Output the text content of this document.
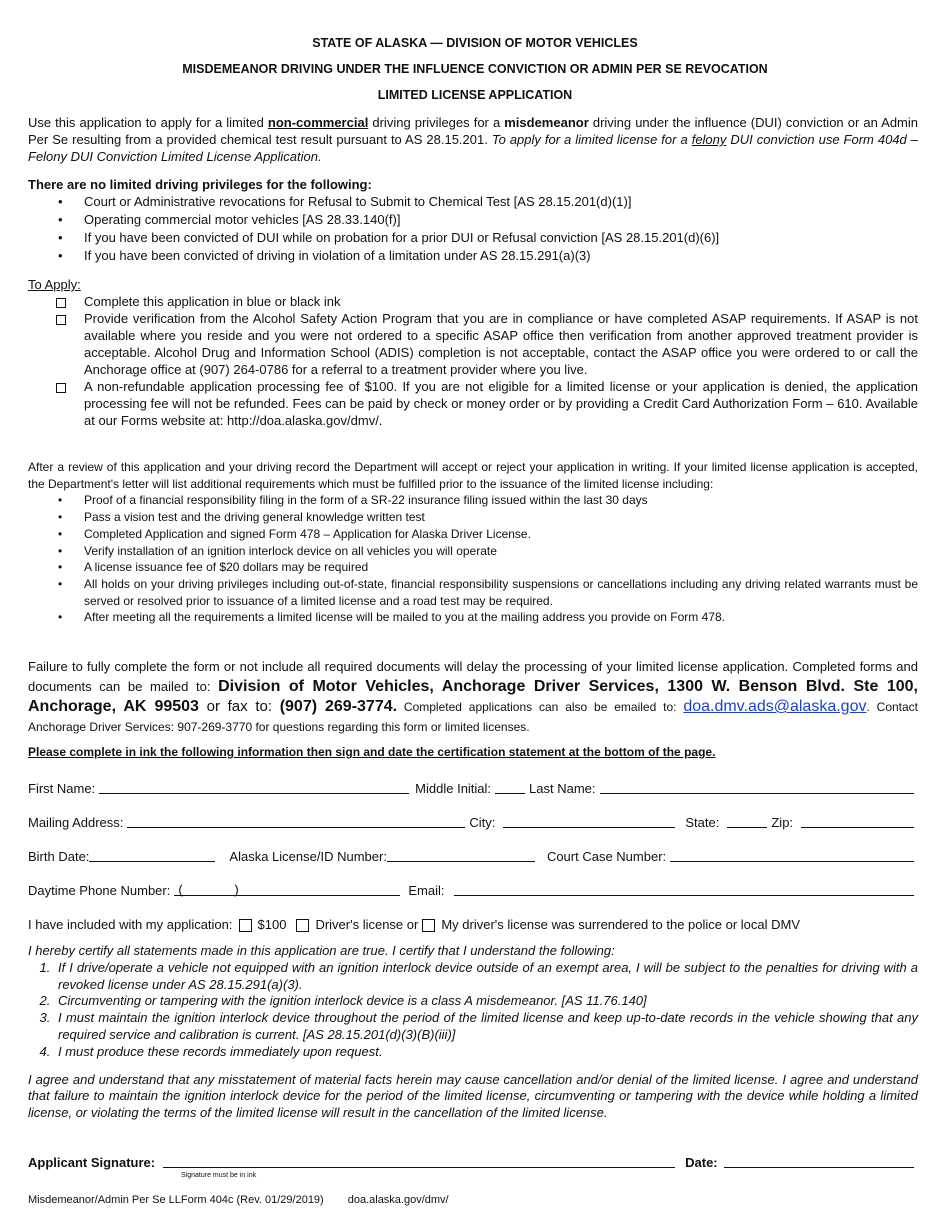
STATE OF ALASKA — DIVISION OF MOTOR VEHICLES
MISDEMEANOR DRIVING UNDER THE INFLUENCE CONVICTION OR ADMIN PER SE REVOCATION
LIMITED LICENSE APPLICATION
Use this application to apply for a limited non-commercial driving privileges for a misdemeanor driving under the influence (DUI) conviction or an Admin Per Se resulting from a provided chemical test result pursuant to AS 28.15.201. To apply for a limited license for a felony DUI conviction use Form 404d – Felony DUI Conviction Limited License Application.
There are no limited driving privileges for the following:
• Court or Administrative revocations for Refusal to Submit to Chemical Test [AS 28.15.201(d)(1)]
• Operating commercial motor vehicles [AS 28.33.140(f)]
• If you have been convicted of DUI while on probation for a prior DUI or Refusal conviction [AS 28.15.201(d)(6)]
• If you have been convicted of driving in violation of a limitation under AS 28.15.291(a)(3)
To Apply:
Complete this application in blue or black ink
Provide verification from the Alcohol Safety Action Program that you are in compliance or have completed ASAP requirements. If ASAP is not available where you reside and you were not ordered to a specific ASAP office then verification from another approved treatment provider is acceptable. Alcohol Drug and Information School (ADIS) completion is not acceptable, contact the ASAP office you were ordered to or call the Anchorage office at (907) 264-0786 for a referral to a treatment provider where you live.
A non-refundable application processing fee of $100. If you are not eligible for a limited license or your application is denied, the application processing fee will not be refunded. Fees can be paid by check or money order or by providing a Credit Card Authorization Form – 610. Available at our Forms website at: http://doa.alaska.gov/dmv/.
After a review of this application and your driving record the Department will accept or reject your application in writing. If your limited license application is accepted, the Department's letter will list additional requirements which must be fulfilled prior to the issuance of the limited license including:
• Proof of a financial responsibility filing in the form of a SR-22 insurance filing issued within the last 30 days
• Pass a vision test and the driving general knowledge written test
• Completed Application and signed Form 478 – Application for Alaska Driver License.
• Verify installation of an ignition interlock device on all vehicles you will operate
• A license issuance fee of $20 dollars may be required
• All holds on your driving privileges including out-of-state, financial responsibility suspensions or cancellations including any driving related warrants must be served or resolved prior to issuance of a limited license and a road test may be required.
• After meeting all the requirements a limited license will be mailed to you at the mailing address you provide on Form 478.
Failure to fully complete the form or not include all required documents will delay the processing of your limited license application. Completed forms and documents can be mailed to: Division of Motor Vehicles, Anchorage Driver Services, 1300 W. Benson Blvd. Ste 100, Anchorage, AK 99503 or fax to: (907) 269-3774. Completed applications can also be emailed to: doa.dmv.ads@alaska.gov. Contact Anchorage Driver Services: 907-269-3770 for questions regarding this form or limited licenses.
Please complete in ink the following information then sign and date the certification statement at the bottom of the page.
First Name:	Middle Initial:	Last Name:
Mailing Address:	City:	State:	Zip:
Birth Date:	Alaska License/ID Number:	Court Case Number:
Daytime Phone Number: (	)	Email:
I have included with my application: $100 Driver's license or My driver's license was surrendered to the police or local DMV
I hereby certify all statements made in this application are true. I certify that I understand the following:
1. If I drive/operate a vehicle not equipped with an ignition interlock device outside of an exempt area, I will be subject to the penalties for driving with a revoked license under AS 28.15.291(a)(3).
2. Circumventing or tampering with the ignition interlock device is a class A misdemeanor. [AS 11.76.140]
3. I must maintain the ignition interlock device throughout the period of the limited license and keep up-to-date records in the vehicle showing that any required service and calibration is current. [AS 28.15.201(d)(3)(B)(iii)]
4. I must produce these records immediately upon request.
I agree and understand that any misstatement of material facts herein may cause cancellation and/or denial of the limited license. I agree and understand that failure to maintain the ignition interlock device for the period of the limited license, circumventing or tampering with the device while holding a limited license, or violating the terms of the limited license will result in the cancellation of the limited license.
Applicant Signature:	Date:
Signature must be in ink
Misdemeanor/Admin Per Se LLForm 404c (Rev. 01/29/2019) doa.alaska.gov/dmv/
